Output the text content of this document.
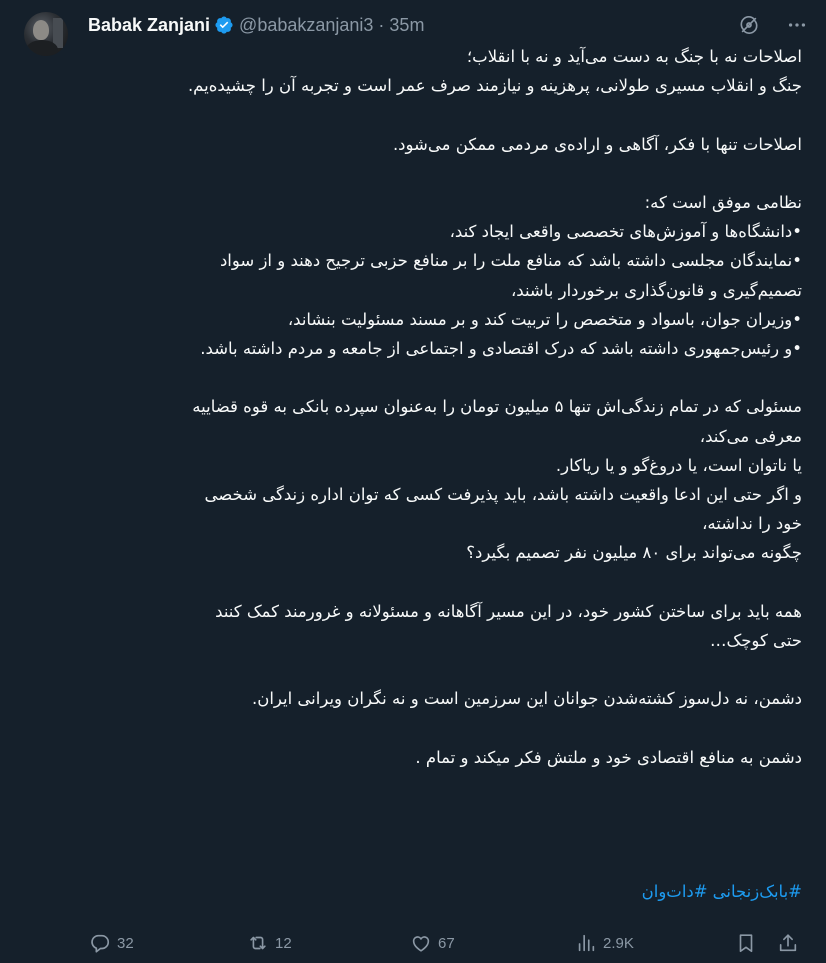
Babak Zanjani @babakzanjani3 · 35m
اصلاحات نه با جنگ به دست می‌آید و نه با انقلاب؛
جنگ و انقلاب مسیری طولانی، پرهزینه و نیازمند صرف عمر است و تجربه آن را چشیده‌یم.
اصلاحات تنها با فکر، آگاهی و اراده‌ی مردمی ممکن می‌شود.
نظامی موفق است که:
•دانشگاه‌ها و آموزش‌های تخصصی واقعی ایجاد کند،
•نمایندگان مجلسی داشته باشد که منافع ملت را بر منافع حزبی ترجیح دهند و از سواد
تصمیم‌گیری و قانون‌گذاری برخوردار باشند،
•وزیران جوان، باسواد و متخصص را تربیت کند و بر مسند مسئولیت بنشاند،
•و رئیس‌جمهوری داشته باشد که درک اقتصادی و اجتماعی از جامعه و مردم داشته باشد.
مسئولی که در تمام زندگی‌اش تنها ۵ میلیون تومان را به‌عنوان سپرده بانکی به قوه قضاییه
معرفی می‌کند،
یا ناتوان است، یا دروغ‌گو و یا ریاکار.
و اگر حتی این ادعا واقعیت داشته باشد، باید پذیرفت کسی که توان اداره زندگی شخصی
خود را نداشته،
چگونه می‌تواند برای ۸۰ میلیون نفر تصمیم بگیرد؟
همه باید برای ساختن کشور خود، در این مسیر آگاهانه و مسئولانه و غرورمند کمک کنند
حتی کوچک…
دشمن، نه دل‌سوز کشته‌شدن جوانان این سرزمین است و نه نگران ویرانی ایران.
دشمن به منافع اقتصادی خود و ملتش فکر میکند و تمام .
#بابک‌زنجانی#دات‌وان
32	12	67	2.9K
